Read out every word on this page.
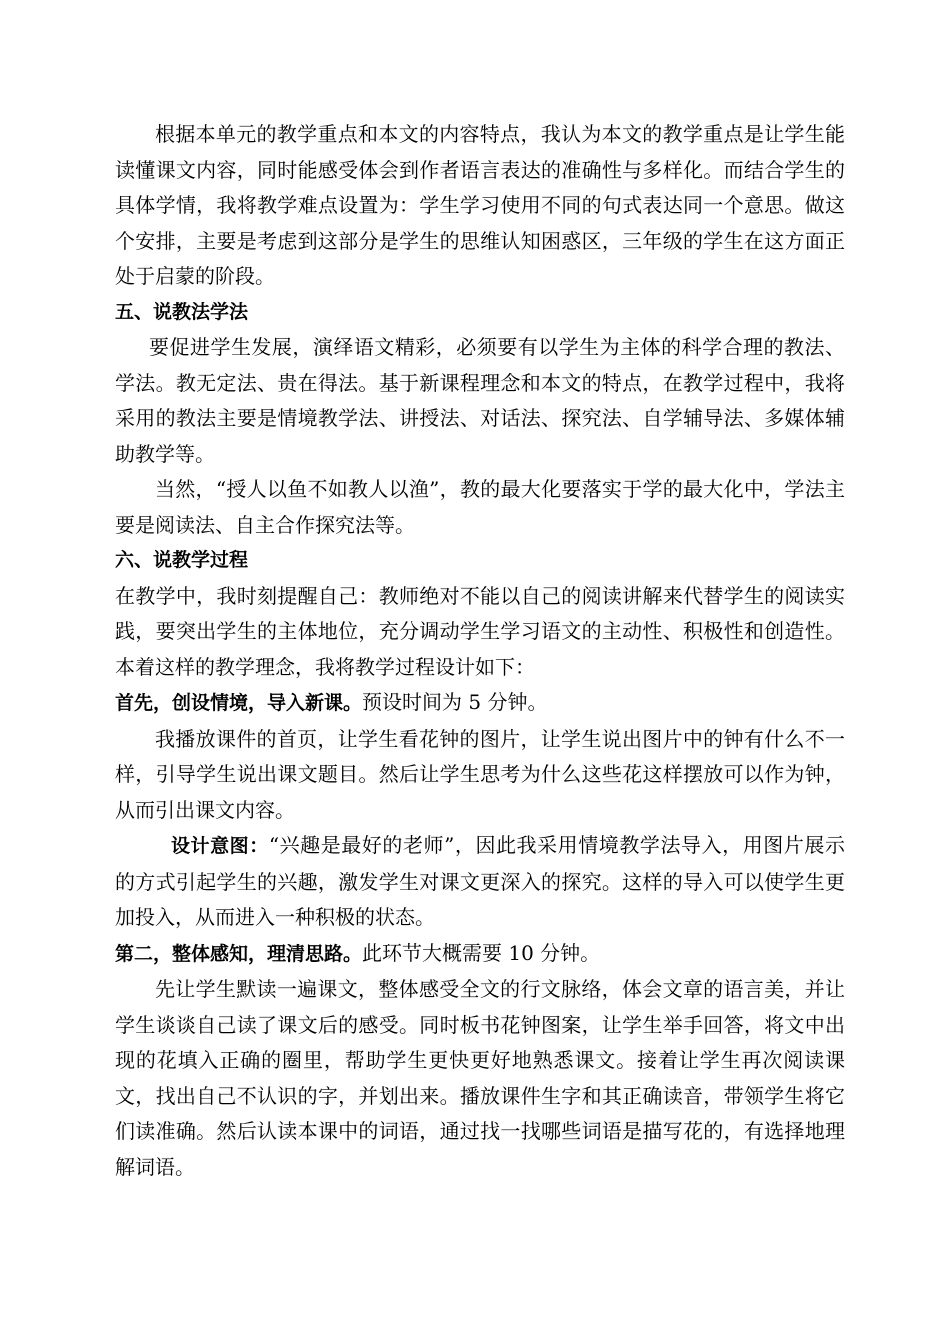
根据本单元的教学重点和本文的内容特点，我认为本文的教学重点是让学生能读懂课文内容，同时能感受体会到作者语言表达的准确性与多样化。而结合学生的具体学情，我将教学难点设置为：学生学习使用不同的句式表达同一个意思。做这个安排，主要是考虑到这部分是学生的思维认知困惑区，三年级的学生在这方面正处于启蒙的阶段。

五、说教法学法

要促进学生发展，演绎语文精彩，必须要有以学生为主体的科学合理的教法、学法。教无定法、贵在得法。基于新课程理念和本文的特点，在教学过程中，我将采用的教法主要是情境教学法、讲授法、对话法、探究法、自学辅导法、多媒体辅助教学等。

当然，“授人以鱼不如教人以渔”，教的最大化要落实于学的最大化中，学法主要是阅读法、自主合作探究法等。

六、说教学过程

在教学中，我时刻提醒自己：教师绝对不能以自己的阅读讲解来代替学生的阅读实践，要突出学生的主体地位，充分调动学生学习语文的主动性、积极性和创造性。本着这样的教学理念，我将教学过程设计如下：

首先，创设情境，导入新课。预设时间为 5 分钟。

我播放课件的首页，让学生看花钟的图片，让学生说出图片中的钟有什么不一样，引导学生说出课文题目。然后让学生思考为什么这些花这样摆放可以作为钟，从而引出课文内容。

设计意图：“兴趣是最好的老师”，因此我采用情境教学法导入，用图片展示的方式引起学生的兴趣，激发学生对课文更深入的探究。这样的导入可以使学生更加投入，从而进入一种积极的状态。

第二，整体感知，理清思路。此环节大概需要 10 分钟。

先让学生默读一遍课文，整体感受全文的行文脉络，体会文章的语言美，并让学生谈谈自己读了课文后的感受。同时板书花钟图案，让学生举手回答，将文中出现的花填入正确的圈里，帮助学生更快更好地熟悉课文。接着让学生再次阅读课文，找出自己不认识的字，并划出来。播放课件生字和其正确读音，带领学生将它们读准确。然后认读本课中的词语，通过找一找哪些词语是描写花的，有选择地理解词语。
